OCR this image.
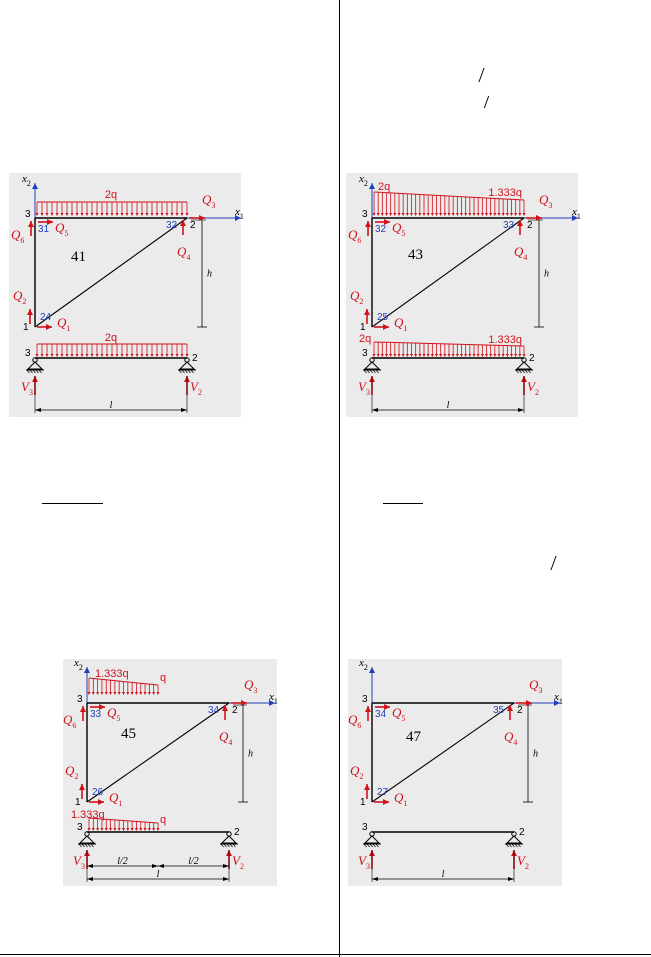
$x_2$
$x_1$
h
1
2
3
24
32
31
41
$Q_1$
$Q_2$
$Q_3$
$Q_4$
$Q_5$
$Q_6$
3	2
$V_3$	$V_2$
l
2q
2q
$x_2$
$x_1$
h
1
2
3
25
33
32
43
$Q_1$
$Q_2$
$Q_3$
$Q_4$
$Q_5$
$Q_6$
3	2
$V_3$	$V_2$
l
2q	1.333q
2q	1.333q
$x_2$
$x_1$
h
1
2
3
26
34
33
45
$Q_1$
$Q_2$
$Q_3$
$Q_4$
$Q_5$
$Q_6$
3	2
$V_3$	$V_2$
l
l/2	l/2
1.333q	q
1.333q	q
$x_2$
$x_1$
h
1
2
3
27
35
34
47
$Q_1$
$Q_2$
$Q_3$
$Q_4$
$Q_5$
$Q_6$
3	2
$V_3$	$V_2$
l
